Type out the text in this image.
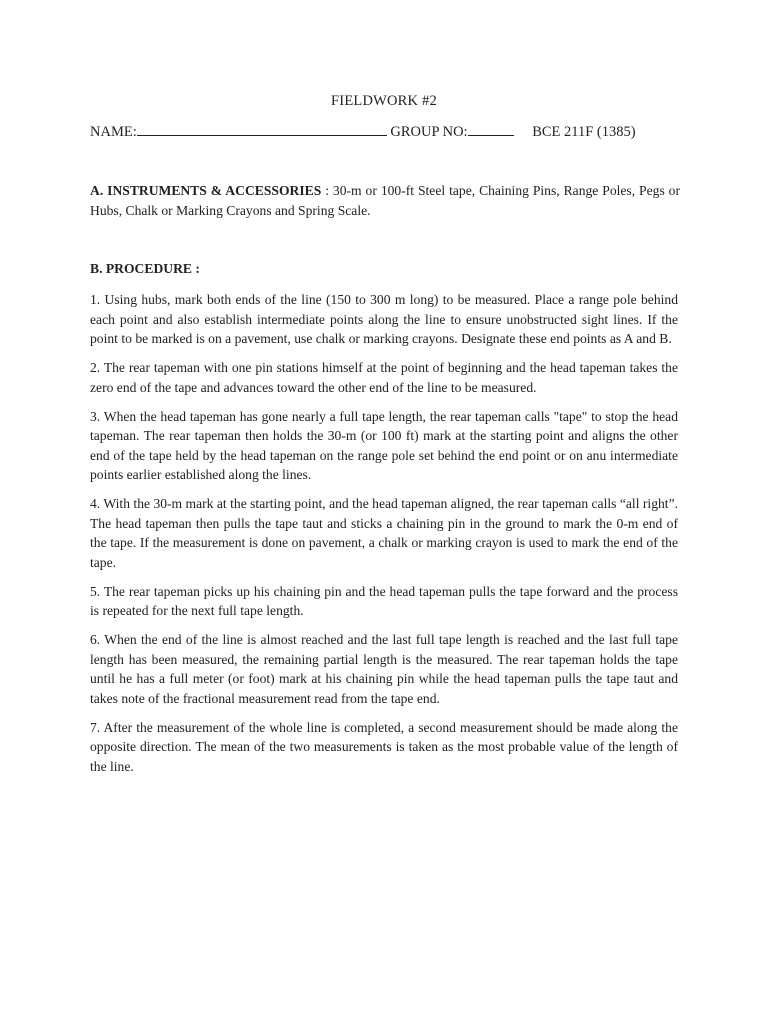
FIELDWORK #2
NAME:	GROUP NO:	BCE 211F (1385)
A. INSTRUMENTS & ACCESSORIES : 30-m or 100-ft Steel tape, Chaining Pins, Range Poles, Pegs or Hubs, Chalk or Marking Crayons and Spring Scale.
B. PROCEDURE :

1. Using hubs, mark both ends of the line (150 to 300 m long) to be measured. Place a range pole behind each point and also establish intermediate points along the line to ensure unobstructed sight lines. If the point to be marked is on a pavement, use chalk or marking crayons. Designate these end points as A and B.

2. The rear tapeman with one pin stations himself at the point of beginning and the head tapeman takes the zero end of the tape and advances toward the other end of the line to be measured.

3. When the head tapeman has gone nearly a full tape length, the rear tapeman calls "tape" to stop the head tapeman. The rear tapeman then holds the 30-m (or 100 ft) mark at the starting point and aligns the other end of the tape held by the head tapeman on the range pole set behind the end point or on anu intermediate points earlier established along the lines.

4. With the 30-m mark at the starting point, and the head tapeman aligned, the rear tapeman calls “all right”. The head tapeman then pulls the tape taut and sticks a chaining pin in the ground to mark the 0-m end of the tape. If the measurement is done on pavement, a chalk or marking crayon is used to mark the end of the tape.

5. The rear tapeman picks up his chaining pin and the head tapeman pulls the tape forward and the process is repeated for the next full tape length.

6. When the end of the line is almost reached and the last full tape length is reached and the last full tape length has been measured, the remaining partial length is the measured. The rear tapeman holds the tape until he has a full meter (or foot) mark at his chaining pin while the head tapeman pulls the tape taut and takes note of the fractional measurement read from the tape end.

7. After the measurement of the whole line is completed, a second measurement should be made along the opposite direction. The mean of the two measurements is taken as the most probable value of the length of the line.
